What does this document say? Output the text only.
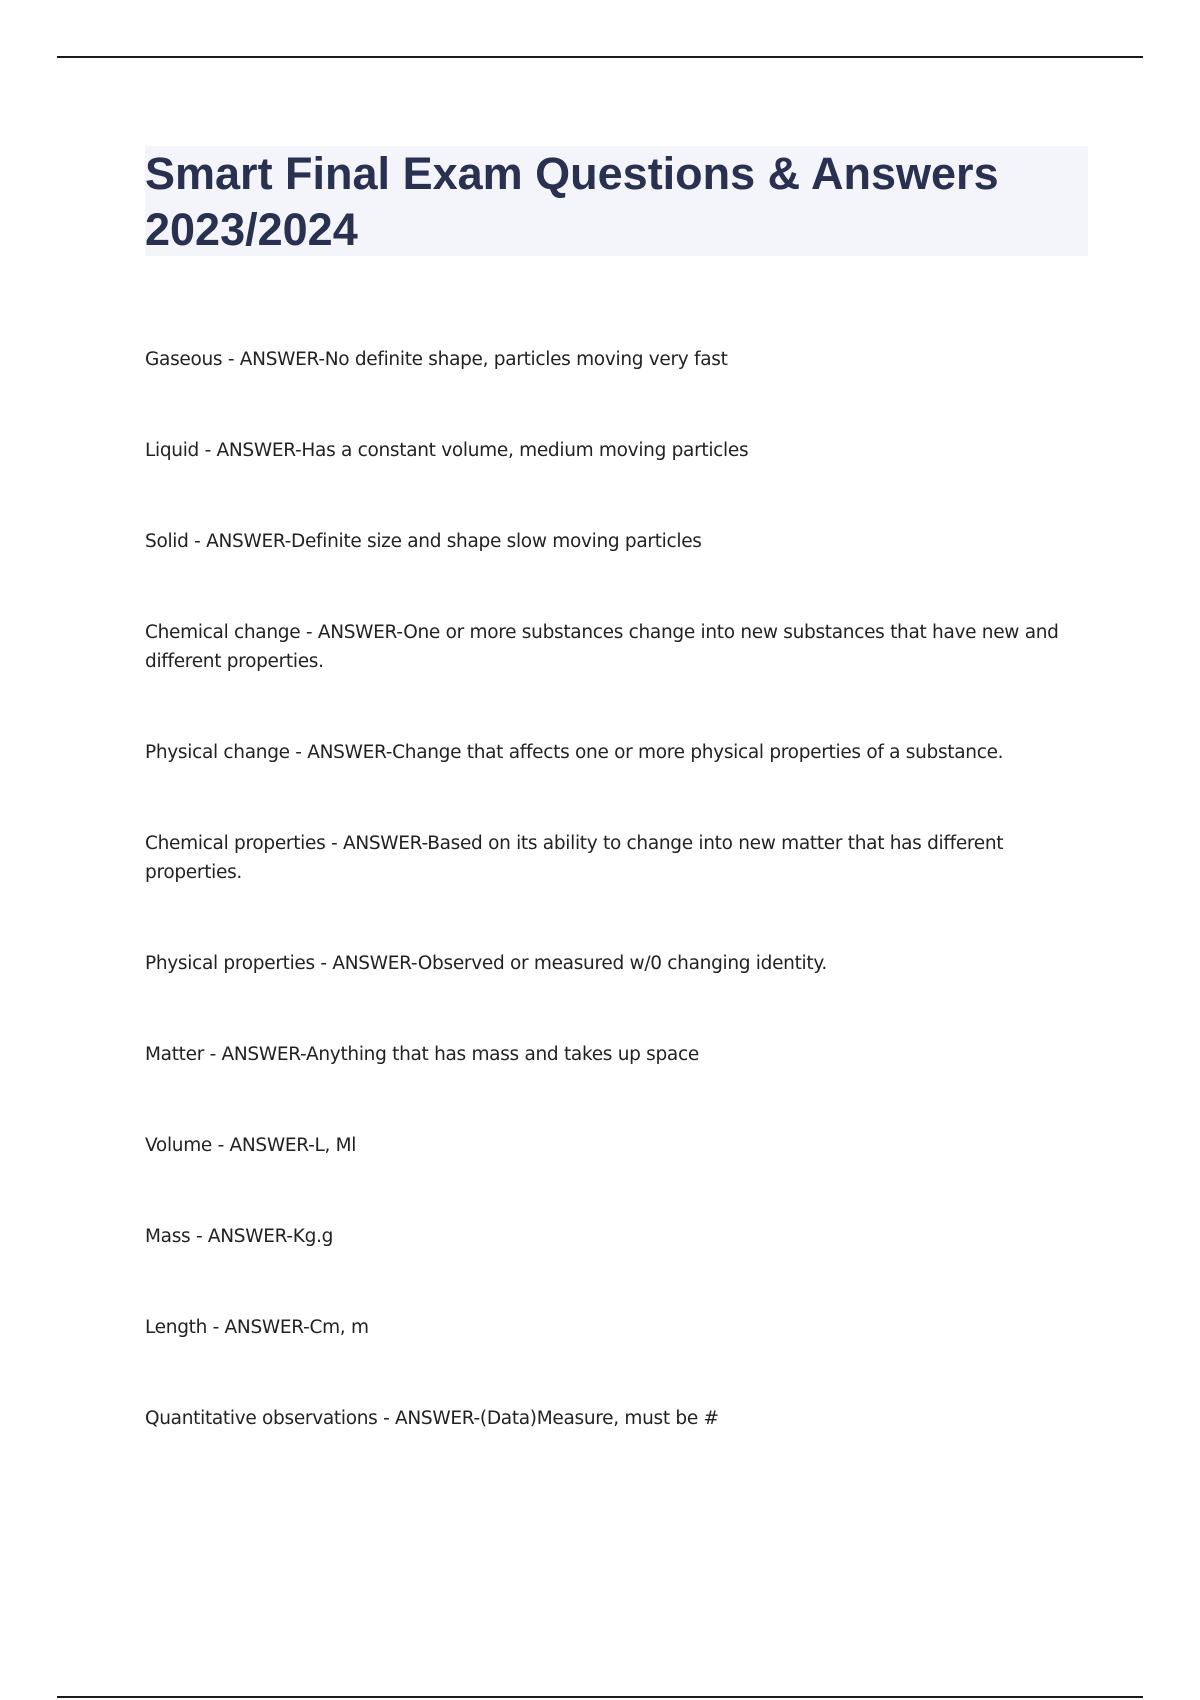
Smart Final Exam Questions & Answers
2023/2024
Gaseous - ANSWER-No definite shape, particles moving very fast
Liquid - ANSWER-Has a constant volume, medium moving particles
Solid - ANSWER-Definite size and shape slow moving particles
Chemical change - ANSWER-One or more substances change into new substances that have new and different properties.
Physical change - ANSWER-Change that affects one or more physical properties of a substance.
Chemical properties - ANSWER-Based on its ability to change into new matter that has different properties.
Physical properties - ANSWER-Observed or measured w/0 changing identity.
Matter - ANSWER-Anything that has mass and takes up space
Volume - ANSWER-L, Ml
Mass - ANSWER-Kg.g
Length - ANSWER-Cm, m
Quantitative observations - ANSWER-(Data)Measure, must be #
